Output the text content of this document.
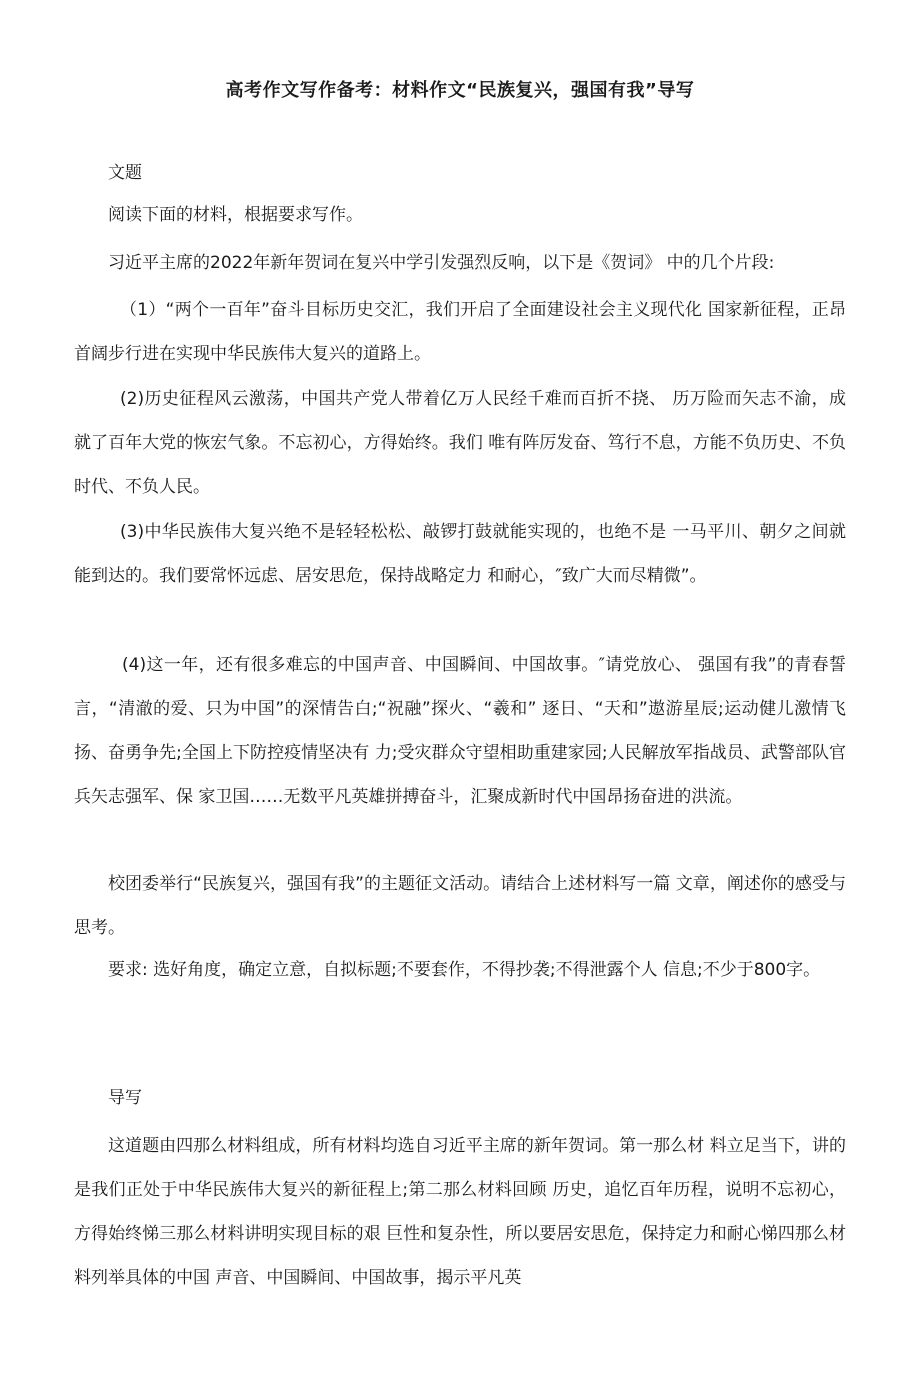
高考作文写作备考：材料作文“民族复兴，强国有我”导写
文题

阅读下面的材料，根据要求写作。

习近平主席的2022年新年贺词在复兴中学引发强烈反响，以下是《贺词》 中的几个片段:

（1）“两个一百年”奋斗目标历史交汇，我们开启了全面建设社会主义现代化 国家新征程，正昂首阔步行进在实现中华民族伟大复兴的道路上。

(2)历史征程风云激荡，中国共产党人带着亿万人民经千难而百折不挠、 历万险而矢志不渝，成就了百年大党的恢宏气象。不忘初心，方得始终。我们 唯有阵厉发奋、笃行不息，方能不负历史、不负时代、不负人民。

(3)中华民族伟大复兴绝不是轻轻松松、敲锣打鼓就能实现的，也绝不是 一马平川、朝夕之间就能到达的。我们要常怀远虑、居安思危，保持战略定力 和耐心，″致广大而尽精微”。

(4)这一年，还有很多难忘的中国声音、中国瞬间、中国故事。″请党放心、 强国有我”的青春誓言，“清澈的爱、只为中国”的深情告白;“祝融”探火、“羲和” 逐日、“天和”遨游星辰;运动健儿激情飞扬、奋勇争先;全国上下防控疫情坚决有 力;受灾群众守望相助重建家园;人民解放军指战员、武警部队官兵矢志强军、保 家卫国……无数平凡英雄拼搏奋斗，汇聚成新时代中国昂扬奋进的洪流。

校团委举行“民族复兴，强国有我”的主题征文活动。请结合上述材料写一篇 文章，阐述你的感受与思考。

要求: 选好角度，确定立意，自拟标题;不要套作，不得抄袭;不得泄露个人 信息;不少于800字。

导写

这道题由四那么材料组成，所有材料均选自习近平主席的新年贺词。第一那么材 料立足当下，讲的是我们正处于中华民族伟大复兴的新征程上;第二那么材料回顾 历史，追忆百年历程，说明不忘初心，方得始终悌三那么材料讲明实现目标的艰 巨性和复杂性，所以要居安思危，保持定力和耐心悌四那么材料列举具体的中国 声音、中国瞬间、中国故事，揭示平凡英
